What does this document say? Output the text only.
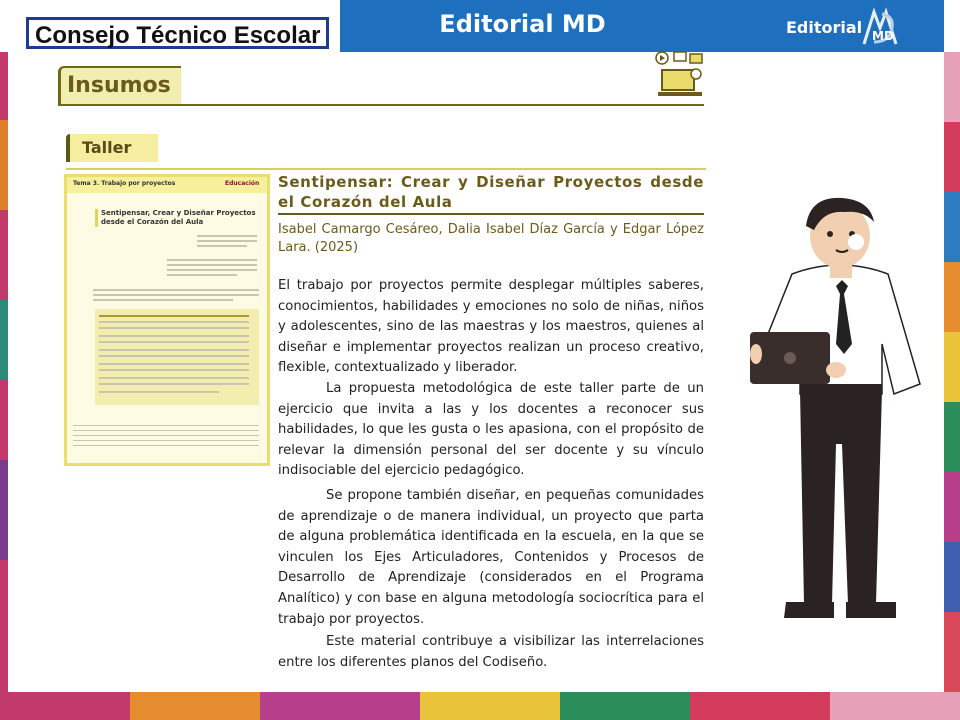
Consejo Técnico Escolar	Editorial MD	Editorial MD
Insumos
Taller
Tema 3. Trabajo por proyectos	Educación
Sentipensar, Crear y Diseñar Proyectos desde el Corazón del Aula
Sentipensar: Crear y Diseñar Proyectos desde el Corazón del Aula
Isabel Camargo Cesáreo, Dalia Isabel Díaz García y Edgar López Lara. (2025)
El trabajo por proyectos permite desplegar múltiples saberes, conocimientos, habilidades y emociones no solo de niñas, niños y adolescentes, sino de las maestras y los maestros, quienes al diseñar e implementar proyectos realizan un proceso creativo, flexible, contextualizado y liberador.
La propuesta metodológica de este taller parte de un ejercicio que invita a las y los docentes a reconocer sus habilidades, lo que les gusta o les apasiona, con el propósito de relevar la dimensión personal del ser docente y su vínculo indisociable del ejercicio pedagógico.
Se propone también diseñar, en pequeñas comunidades de aprendizaje o de manera individual, un proyecto que parta de alguna problemática identificada en la escuela, en la que se vinculen los Ejes Articuladores, Contenidos y Procesos de Desarrollo de Aprendizaje (considerados en el Programa Analítico) y con base en alguna metodología sociocrítica para el trabajo por proyectos.
Este material contribuye a visibilizar las interrelaciones entre los diferentes planos del Codiseño.
